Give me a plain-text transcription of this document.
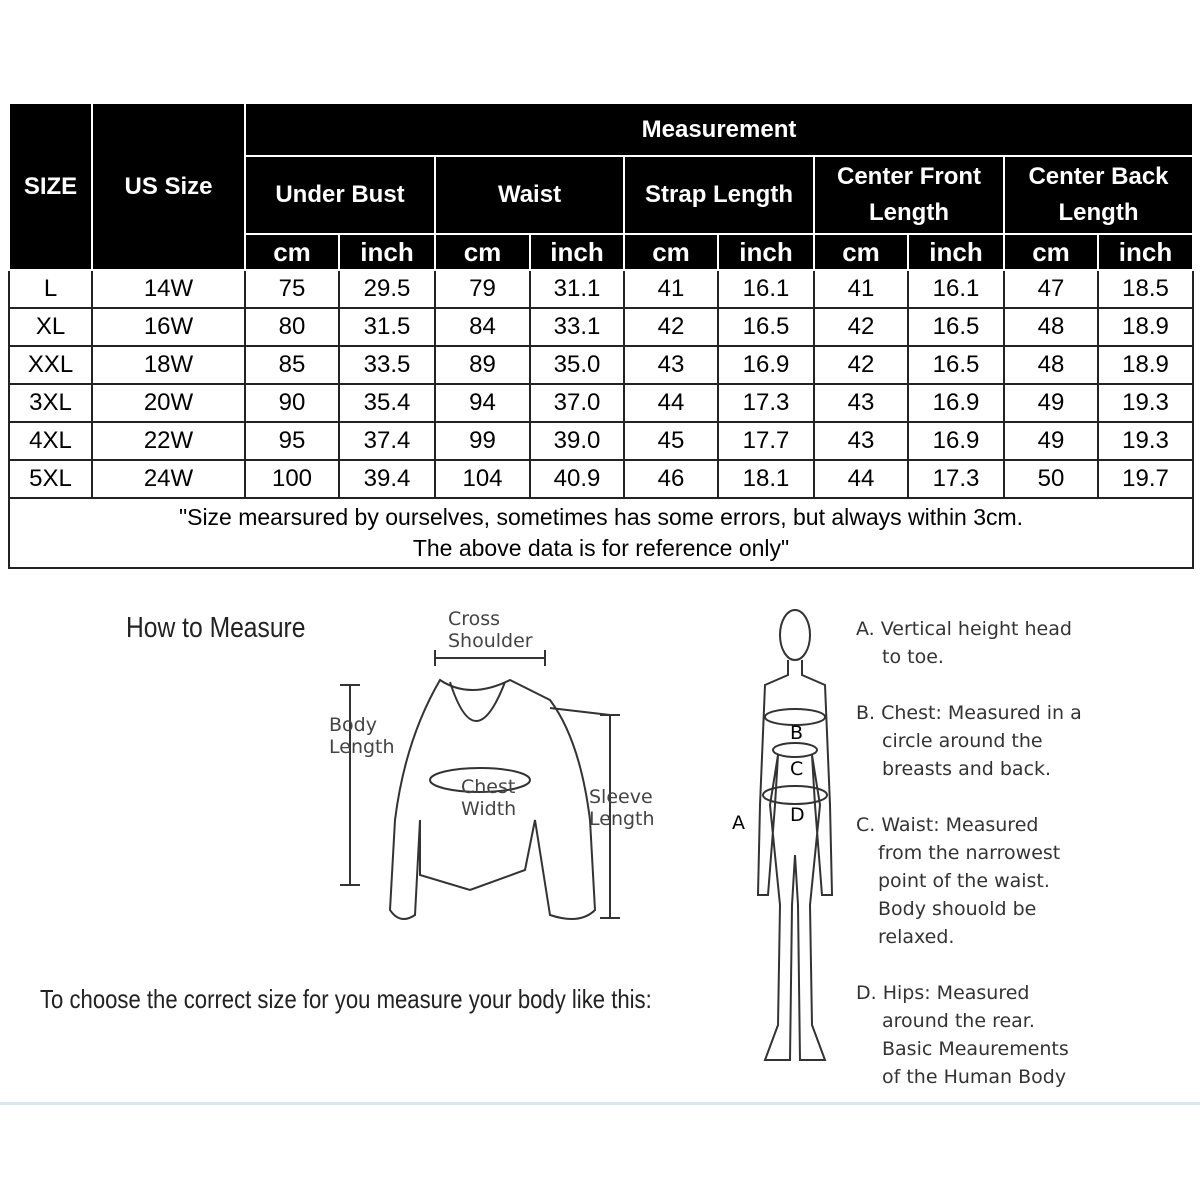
SIZE	US Size	Measurement									
		Under Bust		Waist		Strap Length		Center Front Length		Center Back Length	
		cm	inch	cm	inch	cm	inch	cm	inch	cm	inch
L	14W	75	29.5	79	31.1	41	16.1	41	16.1	47	18.5
XL	16W	80	31.5	84	33.1	42	16.5	42	16.5	48	18.9
XXL	18W	85	33.5	89	35.0	43	16.9	42	16.5	48	18.9
3XL	20W	90	35.4	94	37.0	44	17.3	43	16.9	49	19.3
4XL	22W	95	37.4	99	39.0	45	17.7	43	16.9	49	19.3
5XL	24W	100	39.4	104	40.9	46	18.1	44	17.3	50	19.7

"Size mearsured by ourselves, sometimes has some errors, but always within 3cm.
The above data is for reference only"											
How to Measure	Cross
Shoulder
Body
Length
Chest
Width
Sleeve
Length
To choose the correct size for you measure your body like this:
B
C
D
A
A. Vertical height head
to toe.
B. Chest: Measured in a
circle around the
breasts and back.
C. Waist: Measured
from the narrowest
point of the waist.
Body shouold be
relaxed.
D. Hips: Measured
around the rear.
Basic Meaurements
of the Human Body
